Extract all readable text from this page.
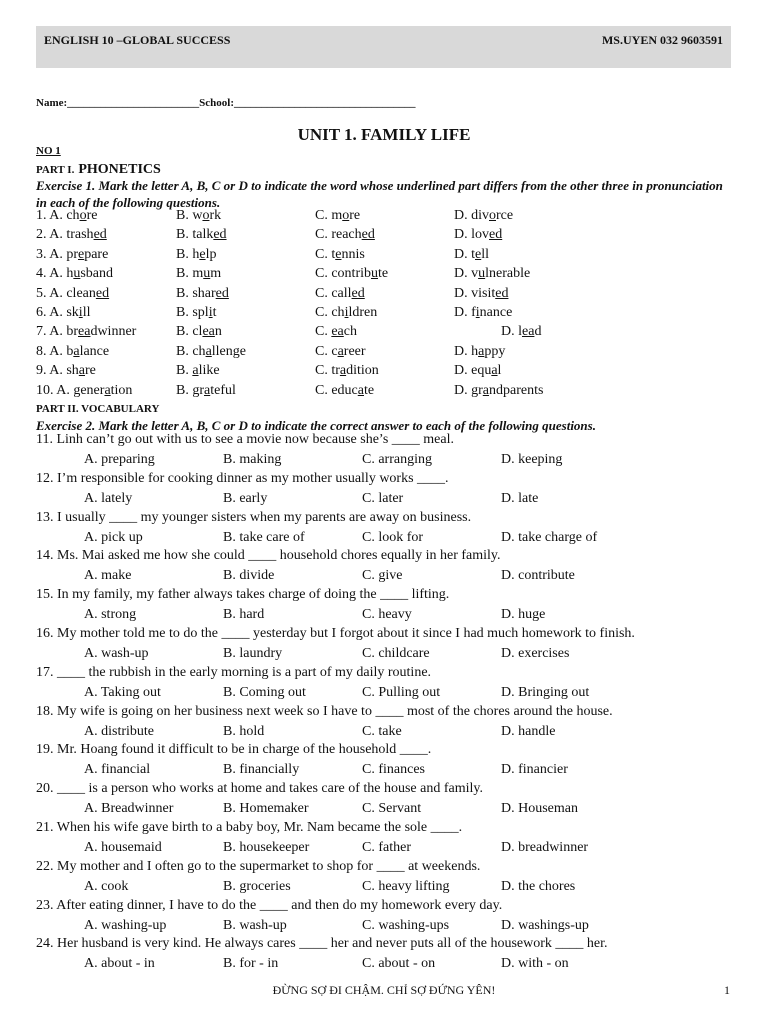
ENGLISH 10 –GLOBAL SUCCESS	MS.UYEN 032 9603591
Name:________________________School:_________________________________
UNIT 1. FAMILY LIFE
NO 1
PART I. PHONETICS
Exercise 1. Mark the letter A, B, C or D to indicate the word whose underlined part differs from the other three in pronunciation in each of the following questions.
1. A. chore	B. work	C. more	D. divorce
2. A. trashed	B. talked	C. reached	D. loved
3. A. prepare	B. help	C. tennis	D. tell
4. A. husband	B. mum	C. contribute	D. vulnerable
5. A. cleaned	B. shared	C. called	D. visited
6. A. skill	B. split	C. children	D. finance
7. A. breadwinner	B. clean	C. each	D. lead
8. A. balance	B. challenge	C. career	D. happy
9. A. share	B. alike	C. tradition	D. equal
10. A. generation	B. grateful	C. educate	D. grandparents
PART II. VOCABULARY
Exercise 2. Mark the letter A, B, C or D to indicate the correct answer to each of the following questions.
11. Linh can’t go out with us to see a movie now because she’s ____ meal.
A. preparing	B. making	C. arranging	D. keeping
12. I’m responsible for cooking dinner as my mother usually works ____.
A. lately	B. early	C. later	D. late
13. I usually ____ my younger sisters when my parents are away on business.
A. pick up	B. take care of	C. look for	D. take charge of
14. Ms. Mai asked me how she could ____ household chores equally in her family.
A. make	B. divide	C. give	D. contribute
15. In my family, my father always takes charge of doing the ____ lifting.
A. strong	B. hard	C. heavy	D. huge
16. My mother told me to do the ____ yesterday but I forgot about it since I had much homework to finish.
A. wash-up	B. laundry	C. childcare	D. exercises
17. ____ the rubbish in the early morning is a part of my daily routine.
A. Taking out	B. Coming out	C. Pulling out	D. Bringing out
18. My wife is going on her business next week so I have to ____ most of the chores around the house.
A. distribute	B. hold	C. take	D. handle
19. Mr. Hoang found it difficult to be in charge of the household ____.
A. financial	B. financially	C. finances	D. financier
20. ____ is a person who works at home and takes care of the house and family.
A. Breadwinner	B. Homemaker	C. Servant	D. Houseman
21. When his wife gave birth to a baby boy, Mr. Nam became the sole ____.
A. housemaid	B. housekeeper	C. father	D. breadwinner
22. My mother and I often go to the supermarket to shop for ____ at weekends.
A. cook	B. groceries	C. heavy lifting	D. the chores
23. After eating dinner, I have to do the ____ and then do my homework every day.
A. washing-up	B. wash-up	C. washing-ups	D. washings-up
24. Her husband is very kind. He always cares ____ her and never puts all of the housework ____ her.
A. about - in	B. for - in	C. about - on	D. with - on
ĐỪNG SỢ ĐI CHẬM. CHỈ SỢ ĐỨNG YÊN!	1
